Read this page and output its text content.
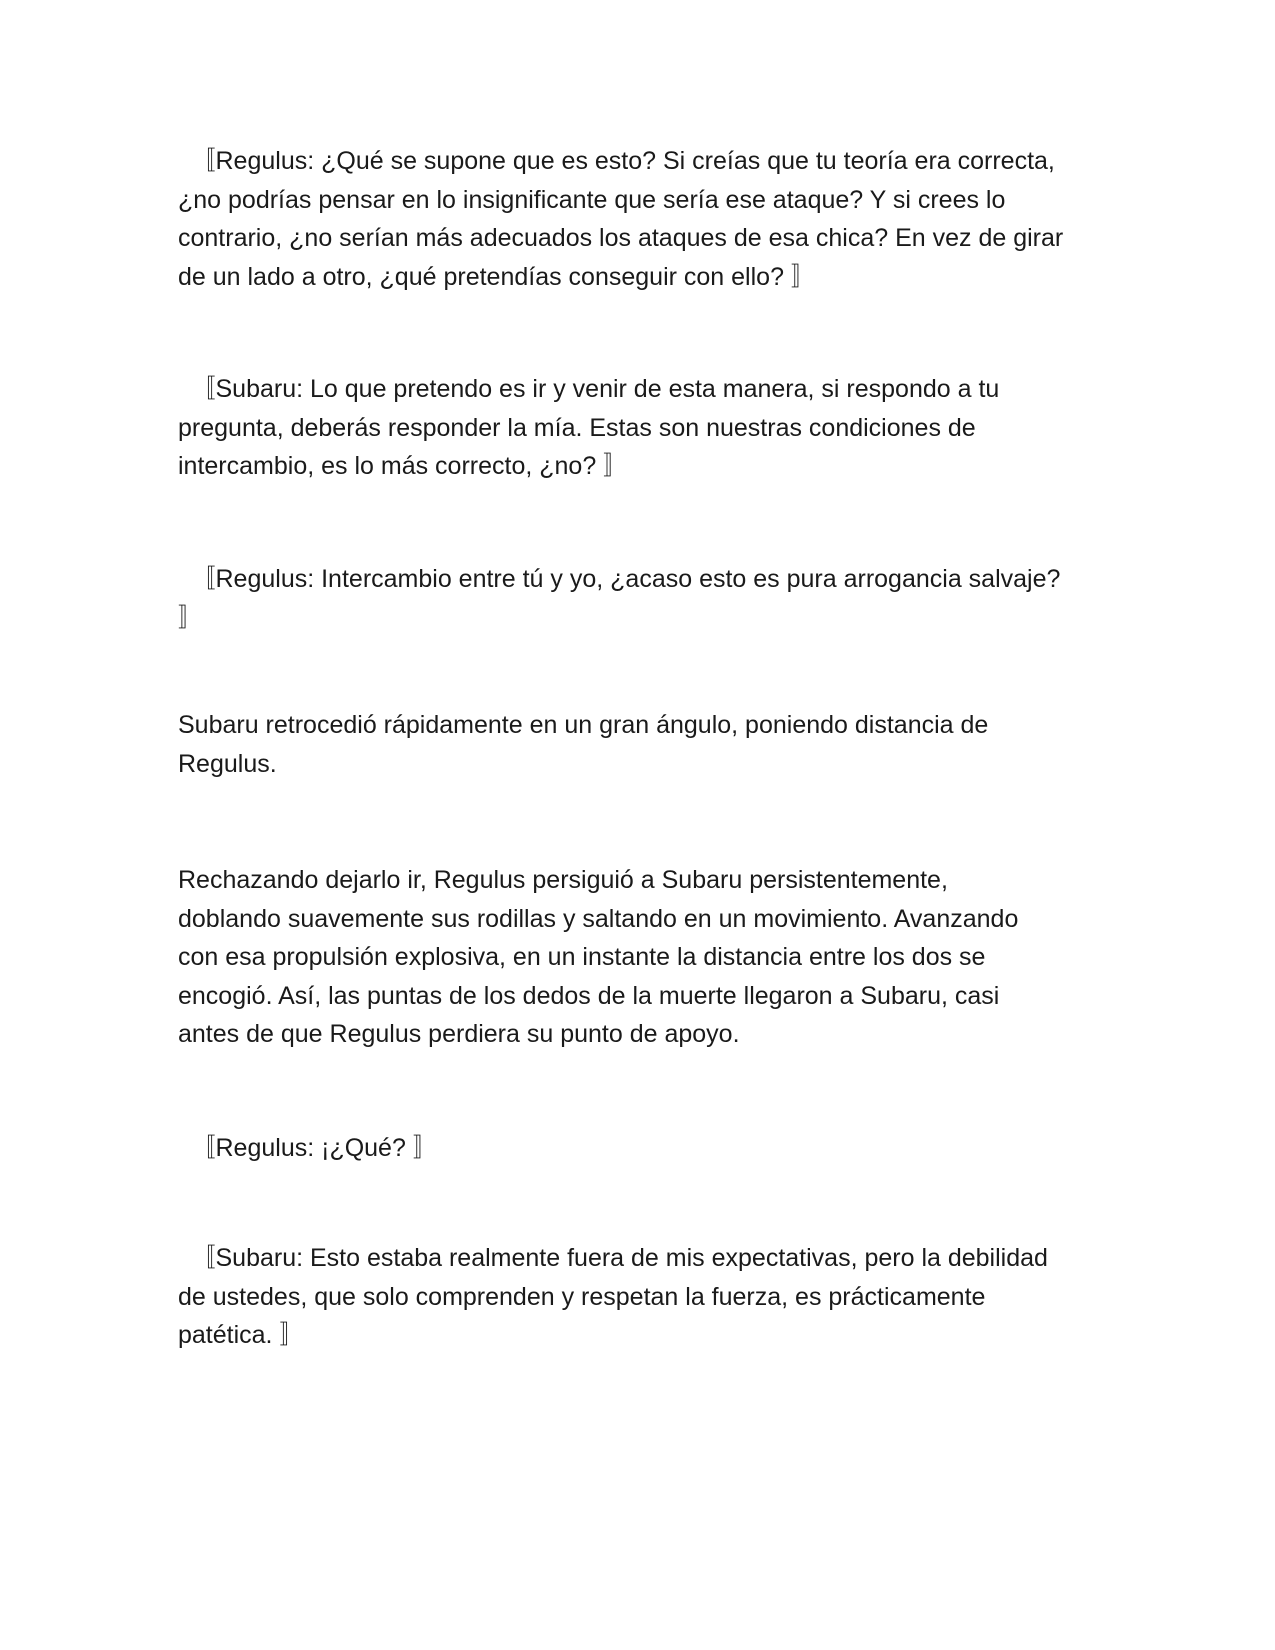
　〚Regulus: ¿Qué se supone que es esto? Si creías que tu teoría era correcta,
¿no podrías pensar en lo insignificante que sería ese ataque? Y si crees lo
contrario, ¿no serían más adecuados los ataques de esa chica? En vez de girar
de un lado a otro, ¿qué pretendías conseguir con ello? 〛

　〚Subaru: Lo que pretendo es ir y venir de esta manera, si respondo a tu
pregunta, deberás responder la mía. Estas son nuestras condiciones de
intercambio, es lo más correcto, ¿no? 〛

　〚Regulus: Intercambio entre tú y yo, ¿acaso esto es pura arrogancia salvaje?
〛

Subaru retrocedió rápidamente en un gran ángulo, poniendo distancia de
Regulus.

Rechazando dejarlo ir, Regulus persiguió a Subaru persistentemente,
doblando suavemente sus rodillas y saltando en un movimiento. Avanzando
con esa propulsión explosiva, en un instante la distancia entre los dos se
encogió. Así, las puntas de los dedos de la muerte llegaron a Subaru, casi
antes de que Regulus perdiera su punto de apoyo.

　〚Regulus: ¡¿Qué? 〛

　〚Subaru: Esto estaba realmente fuera de mis expectativas, pero la debilidad
de ustedes, que solo comprenden y respetan la fuerza, es prácticamente
patética. 〛
